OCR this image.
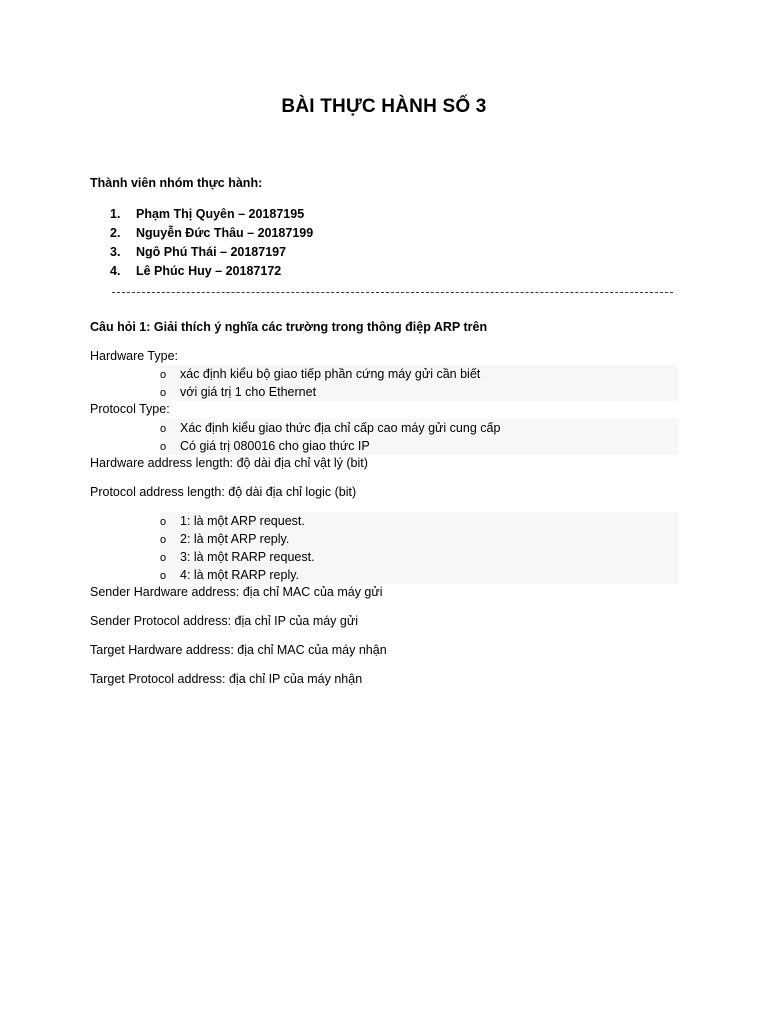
BÀI THỰC HÀNH SỐ 3
Thành viên nhóm thực hành:
1. Phạm Thị Quyên – 20187195
2. Nguyễn Đức Thâu – 20187199
3. Ngô Phú Thái – 20187197
4. Lê Phúc Huy – 20187172
Câu hỏi 1: Giải thích ý nghĩa các trường trong thông điệp ARP trên
Hardware Type:
o xác định kiểu bộ giao tiếp phần cứng máy gửi cần biết
o với giá trị 1 cho Ethernet
Protocol Type:
o Xác định kiểu giao thức địa chỉ cấp cao máy gửi cung cấp
o Có giá trị 080016 cho giao thức IP
Hardware address length: độ dài địa chỉ vật lý (bit)
Protocol address length: độ dài địa chỉ logic (bit)
o 1: là một ARP request.
o 2: là một ARP reply.
o 3: là một RARP request.
o 4: là một RARP reply.
Sender Hardware address: địa chỉ MAC của máy gửi
Sender Protocol address: địa chỉ IP của máy gửi
Target Hardware address: địa chỉ MAC của máy nhận
Target Protocol address: địa chỉ IP của máy nhận
